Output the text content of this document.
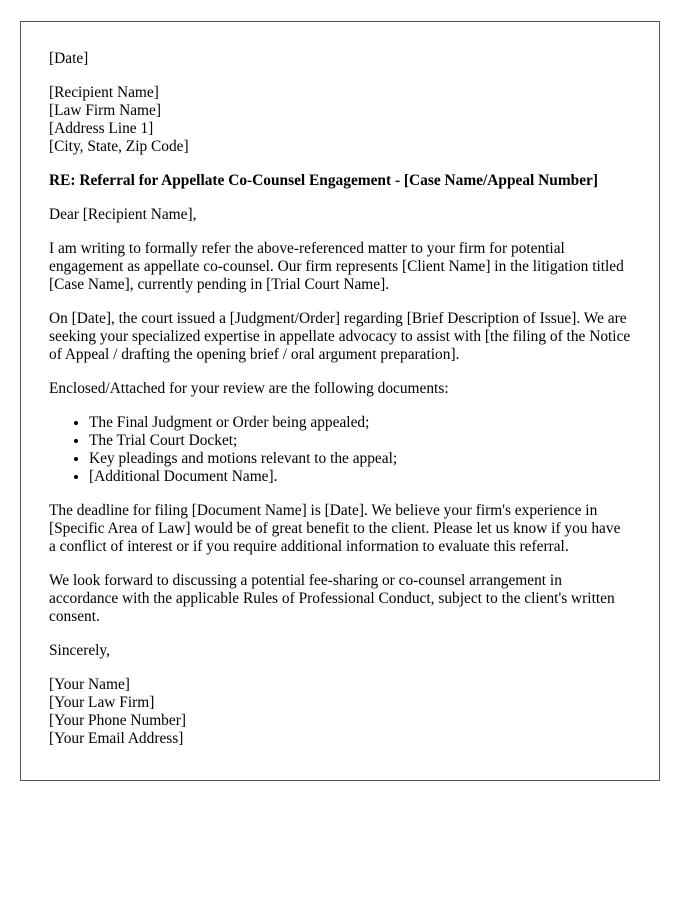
[Date]
[Recipient Name]
[Law Firm Name]
[Address Line 1]
[City, State, Zip Code]
RE: Referral for Appellate Co-Counsel Engagement - [Case Name/Appeal Number]
Dear [Recipient Name],
I am writing to formally refer the above-referenced matter to your firm for potential engagement as appellate co-counsel. Our firm represents [Client Name] in the litigation titled [Case Name], currently pending in [Trial Court Name].
On [Date], the court issued a [Judgment/Order] regarding [Brief Description of Issue]. We are seeking your specialized expertise in appellate advocacy to assist with [the filing of the Notice of Appeal / drafting the opening brief / oral argument preparation].
Enclosed/Attached for your review are the following documents:
• The Final Judgment or Order being appealed;
• The Trial Court Docket;
• Key pleadings and motions relevant to the appeal;
• [Additional Document Name].
The deadline for filing [Document Name] is [Date]. We believe your firm's experience in [Specific Area of Law] would be of great benefit to the client. Please let us know if you have a conflict of interest or if you require additional information to evaluate this referral.
We look forward to discussing a potential fee-sharing or co-counsel arrangement in accordance with the applicable Rules of Professional Conduct, subject to the client's written consent.
Sincerely,
[Your Name]
[Your Law Firm]
[Your Phone Number]
[Your Email Address]
